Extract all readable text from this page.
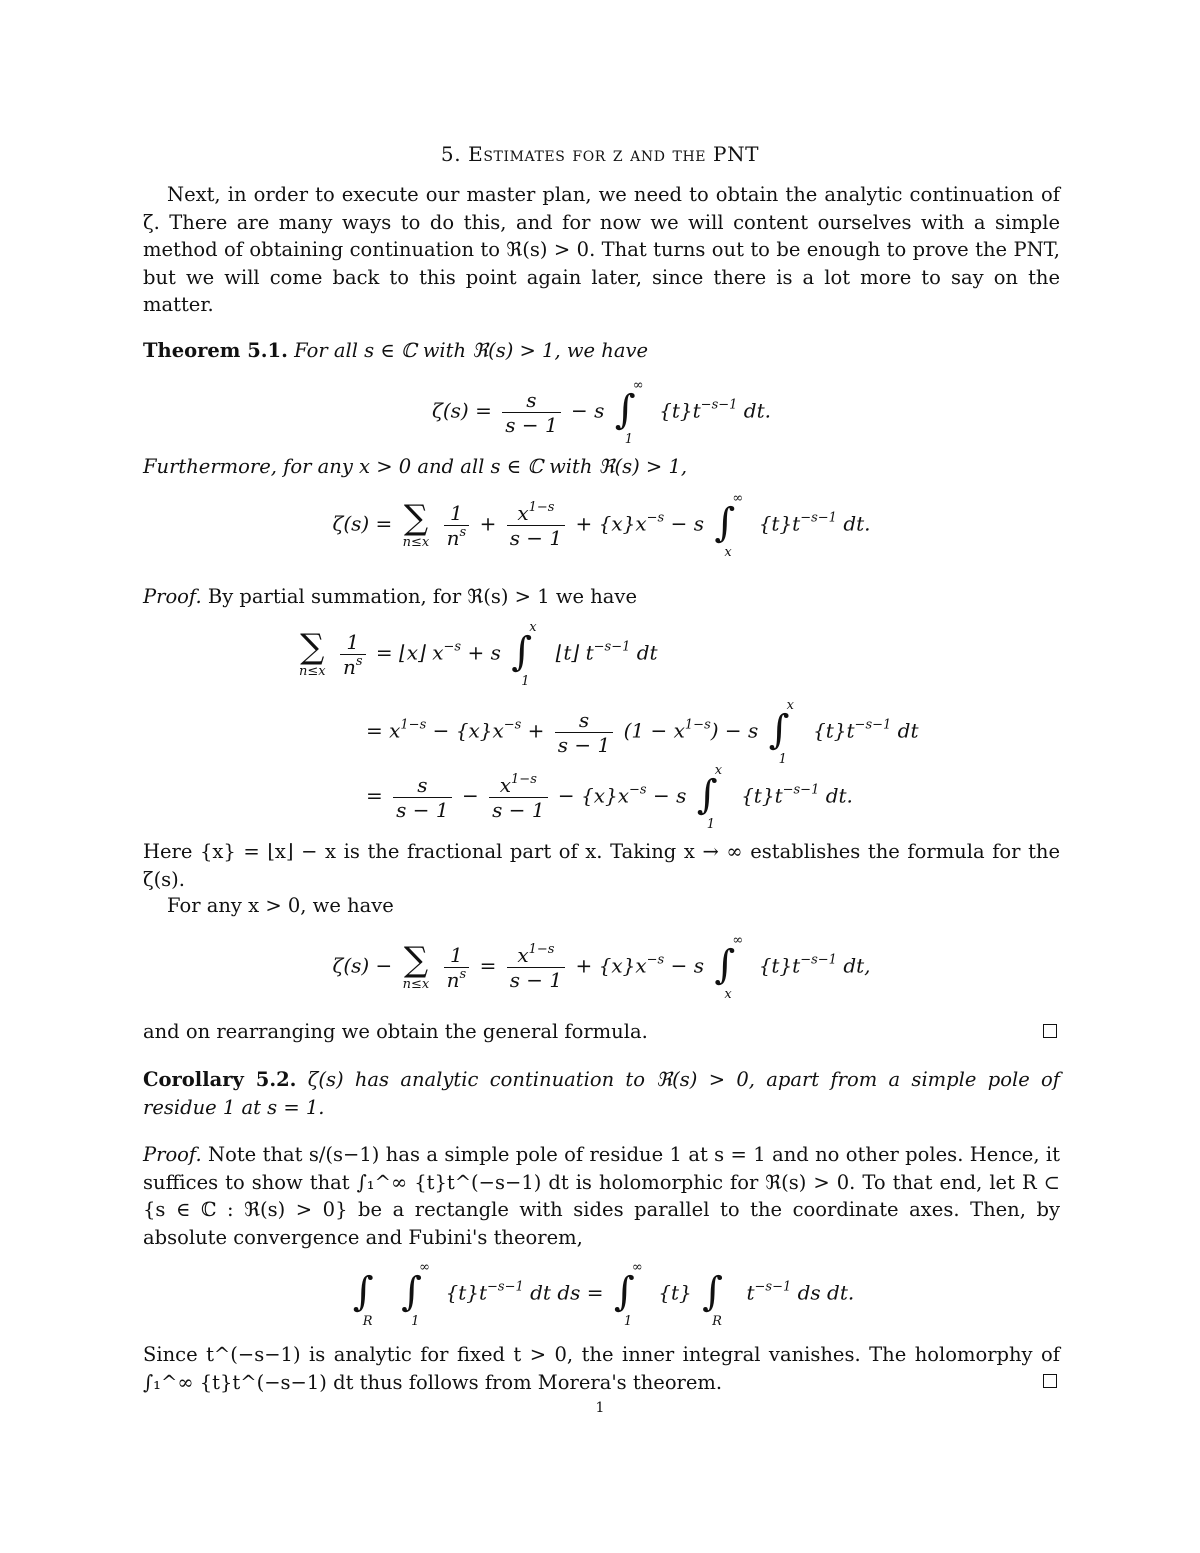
5. Estimates for ζ and the PNT
Next, in order to execute our master plan, we need to obtain the analytic continuation of ζ. There are many ways to do this, and for now we will content ourselves with a simple method of obtaining continuation to ℜ(s) > 0. That turns out to be enough to prove the PNT, but we will come back to this point again later, since there is a lot more to say on the matter.
Theorem 5.1. For all s ∈ ℂ with ℜ(s) > 1, we have
$\zeta(s) = \frac{s}{s - 1} - s$ ∫
∞
1
$\{t\}t^{-s-1}$ dt.
Furthermore, for any x > 0 and all s ∈ ℂ with ℜ(s) > 1,
ζ(s) = ∑
n≤x
$\frac{1}{n^s} + \frac{x^{1-s}}{s - 1} + \{x\}x^{-s} - s$ ∫
∞
x
$\{t\}t^{-s-1}$ dt.
Proof. By partial summation, for ℜ(s) > 1 we have
∑
n≤x
$\frac{1}{n^s}$ = ⌊x⌋ $x^{-s} + s$ ∫
x
1
⌊t⌋ $t^{-s-1}$ dt
= $x^{1-s} - \{x\}x^{-s} + \frac{s}{s - 1} (1 - x^{1-s}) - s$ ∫
x
1
$\{t\}t^{-s-1}$ dt
= $\frac{s}{s - 1} - \frac{x^{1-s}}{s - 1} - \{x\}x^{-s} - s$ ∫
x
1
$\{t\}t^{-s-1}$ dt.
Here {x} = ⌊x⌋ − x is the fractional part of x. Taking x → ∞ establishes the formula for the ζ(s).
For any x > 0, we have
ζ(s) − ∑
n≤x
$\frac{1}{n^s} = \frac{x^{1-s}}{s - 1} + \{x\}x^{-s} - s$ ∫
∞
x
$\{t\}t^{-s-1}$ dt,
and on rearranging we obtain the general formula.
Corollary 5.2. ζ(s) has analytic continuation to ℜ(s) > 0, apart from a simple pole of residue 1 at s = 1.
Proof. Note that s/(s−1) has a simple pole of residue 1 at s = 1 and no other poles. Hence, it suffices to show that ∫₁^∞ {t}t^(−s−1) dt is holomorphic for ℜ(s) > 0. To that end, let R ⊂ {s ∈ ℂ : ℜ(s) > 0} be a rectangle with sides parallel to the coordinate axes. Then, by absolute convergence and Fubini's theorem,
∫
R

∫
∞
1
$\{t\}t^{-s-1}$ dt ds = ∫
∞
1
{t} ∫
R
$t^{-s-1}$ ds dt.
Since t^(−s−1) is analytic for fixed t > 0, the inner integral vanishes. The holomorphy of ∫₁^∞ {t}t^(−s−1) dt thus follows from Morera's theorem.
1
